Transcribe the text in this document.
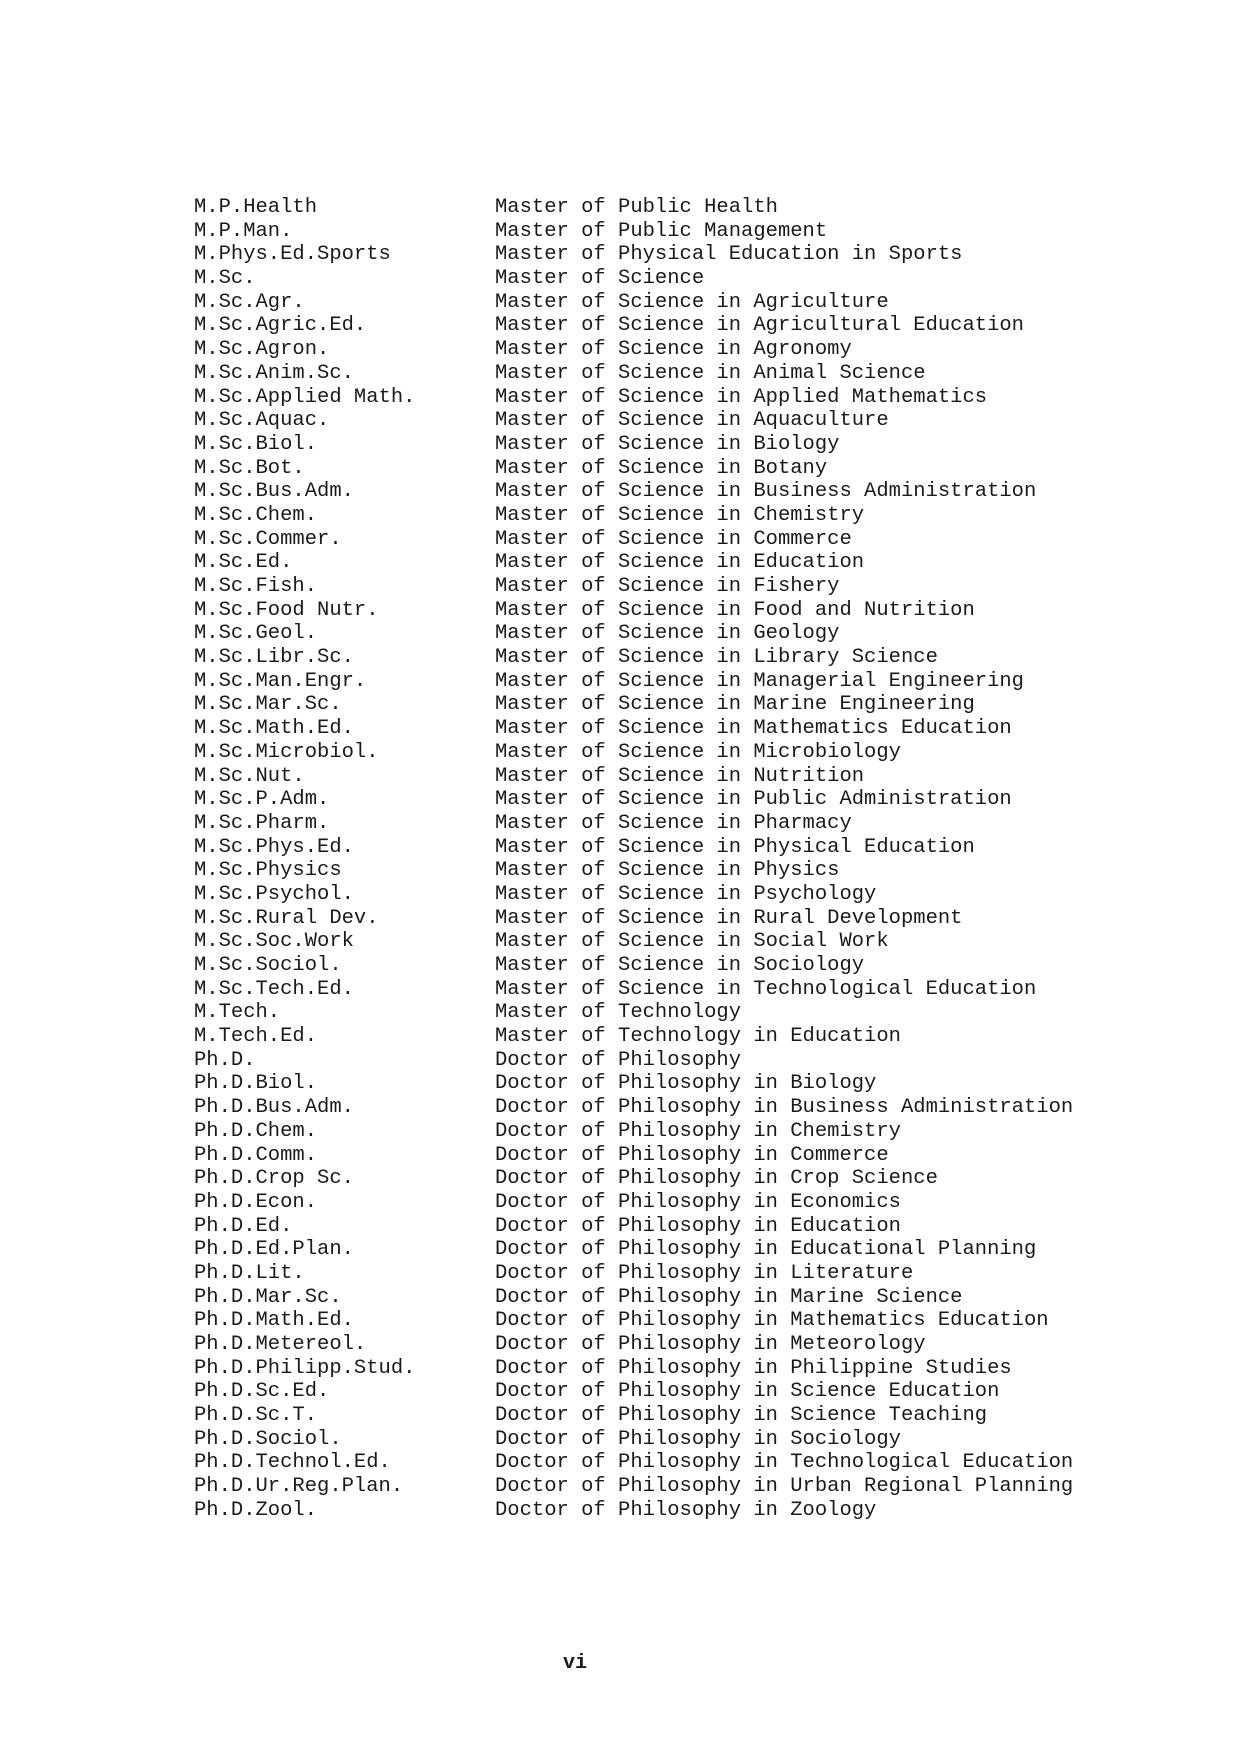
M.P.Health	Master of Public Health
M.P.Man.	Master of Public Management
M.Phys.Ed.Sports	Master of Physical Education in Sports
M.Sc.	Master of Science
M.Sc.Agr.	Master of Science in Agriculture
M.Sc.Agric.Ed.	Master of Science in Agricultural Education
M.Sc.Agron.	Master of Science in Agronomy
M.Sc.Anim.Sc.	Master of Science in Animal Science
M.Sc.Applied Math.	Master of Science in Applied Mathematics
M.Sc.Aquac.	Master of Science in Aquaculture
M.Sc.Biol.	Master of Science in Biology
M.Sc.Bot.	Master of Science in Botany
M.Sc.Bus.Adm.	Master of Science in Business Administration
M.Sc.Chem.	Master of Science in Chemistry
M.Sc.Commer.	Master of Science in Commerce
M.Sc.Ed.	Master of Science in Education
M.Sc.Fish.	Master of Science in Fishery
M.Sc.Food Nutr.	Master of Science in Food and Nutrition
M.Sc.Geol.	Master of Science in Geology
M.Sc.Libr.Sc.	Master of Science in Library Science
M.Sc.Man.Engr.	Master of Science in Managerial Engineering
M.Sc.Mar.Sc.	Master of Science in Marine Engineering
M.Sc.Math.Ed.	Master of Science in Mathematics Education
M.Sc.Microbiol.	Master of Science in Microbiology
M.Sc.Nut.	Master of Science in Nutrition
M.Sc.P.Adm.	Master of Science in Public Administration
M.Sc.Pharm.	Master of Science in Pharmacy
M.Sc.Phys.Ed.	Master of Science in Physical Education
M.Sc.Physics	Master of Science in Physics
M.Sc.Psychol.	Master of Science in Psychology
M.Sc.Rural Dev.	Master of Science in Rural Development
M.Sc.Soc.Work	Master of Science in Social Work
M.Sc.Sociol.	Master of Science in Sociology
M.Sc.Tech.Ed.	Master of Science in Technological Education
M.Tech.	Master of Technology
M.Tech.Ed.	Master of Technology in Education
Ph.D.	Doctor of Philosophy
Ph.D.Biol.	Doctor of Philosophy in Biology
Ph.D.Bus.Adm.	Doctor of Philosophy in Business Administration
Ph.D.Chem.	Doctor of Philosophy in Chemistry
Ph.D.Comm.	Doctor of Philosophy in Commerce
Ph.D.Crop Sc.	Doctor of Philosophy in Crop Science
Ph.D.Econ.	Doctor of Philosophy in Economics
Ph.D.Ed.	Doctor of Philosophy in Education
Ph.D.Ed.Plan.	Doctor of Philosophy in Educational Planning
Ph.D.Lit.	Doctor of Philosophy in Literature
Ph.D.Mar.Sc.	Doctor of Philosophy in Marine Science
Ph.D.Math.Ed.	Doctor of Philosophy in Mathematics Education
Ph.D.Metereol.	Doctor of Philosophy in Meteorology
Ph.D.Philipp.Stud.	Doctor of Philosophy in Philippine Studies
Ph.D.Sc.Ed.	Doctor of Philosophy in Science Education
Ph.D.Sc.T.	Doctor of Philosophy in Science Teaching
Ph.D.Sociol.	Doctor of Philosophy in Sociology
Ph.D.Technol.Ed.	Doctor of Philosophy in Technological Education
Ph.D.Ur.Reg.Plan.	Doctor of Philosophy in Urban Regional Planning
Ph.D.Zool.	Doctor of Philosophy in Zoology
vi
